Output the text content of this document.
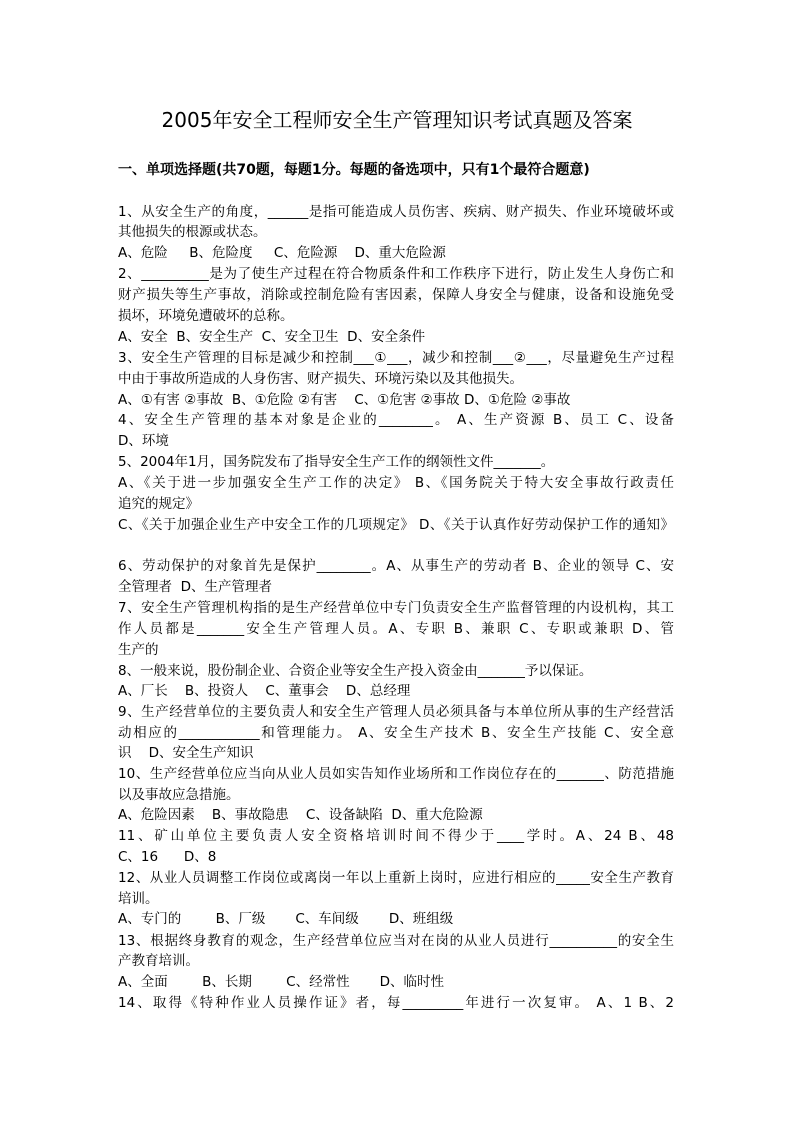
2005年安全工程师安全生产管理知识考试真题及答案
一、单项选择题(共70题，每题1分。每题的备选项中，只有1个最符合题意)
1、从安全生产的角度，______是指可能造成人员伤害、疾病、财产损失、作业环境破坏或
其他损失的根源或状态。
A、危险     B、危险度     C、危险源    D、重大危险源
2、__________是为了使生产过程在符合物质条件和工作秩序下进行，防止发生人身伤亡和
财产损失等生产事故，消除或控制危险有害因素，保障人身安全与健康，设备和设施免受
损坏，环境免遭破坏的总称。
A、安全  B、安全生产  C、安全卫生  D、安全条件
3、安全生产管理的目标是减少和控制___①___，减少和控制___②___，尽量避免生产过程
中由于事故所造成的人身伤害、财产损失、环境污染以及其他损失。
A、①有害 ②事故  B、①危险 ②有害    C、①危害 ②事故 D、①危险 ②事故
4、安全生产管理的基本对象是企业的________。 A、生产资源 B、员工 C、设备
D、环境
5、2004年1月，国务院发布了指导安全生产工作的纲领性文件_______。
A、《关于进一步加强安全生产工作的决定》 B、《国务院关于特大安全事故行政责任
追究的规定》
C、《关于加强企业生产中安全工作的几项规定》 D、《关于认真作好劳动保护工作的通知》
6、劳动保护的对象首先是保护________。A、从事生产的劳动者 B、企业的领导 C、安
全管理者  D、生产管理者
7、安全生产管理机构指的是生产经营单位中专门负责安全生产监督管理的内设机构，其工
作人员都是_______安全生产管理人员。A、专职 B、兼职 C、专职或兼职 D、管
生产的
8、一般来说，股份制企业、合资企业等安全生产投入资金由_______予以保证。
A、厂长    B、投资人    C、董事会    D、总经理
9、生产经营单位的主要负责人和安全生产管理人员必须具备与本单位所从事的生产经营活
动相应的____________和管理能力。 A、安全生产技术 B、安全生产技能 C、安全意
识    D、安全生产知识
10、生产经营单位应当向从业人员如实告知作业场所和工作岗位存在的_______、防范措施
以及事故应急措施。
A、危险因素    B、事故隐患    C、设备缺陷  D、重大危险源
11、矿山单位主要负责人安全资格培训时间不得少于____学时。A、24 B、48
C、16      D、8
12、从业人员调整工作岗位或离岗一年以上重新上岗时，应进行相应的_____安全生产教育
培训。
A、专门的        B、厂级       C、车间级       D、班组级
13、根据终身教育的观念，生产经营单位应当对在岗的从业人员进行__________的安全生
产教育培训。
A、全面        B、长期        C、经常性       D、临时性
14、取得《特种作业人员操作证》者，每_________年进行一次复审。 A、1 B、2
